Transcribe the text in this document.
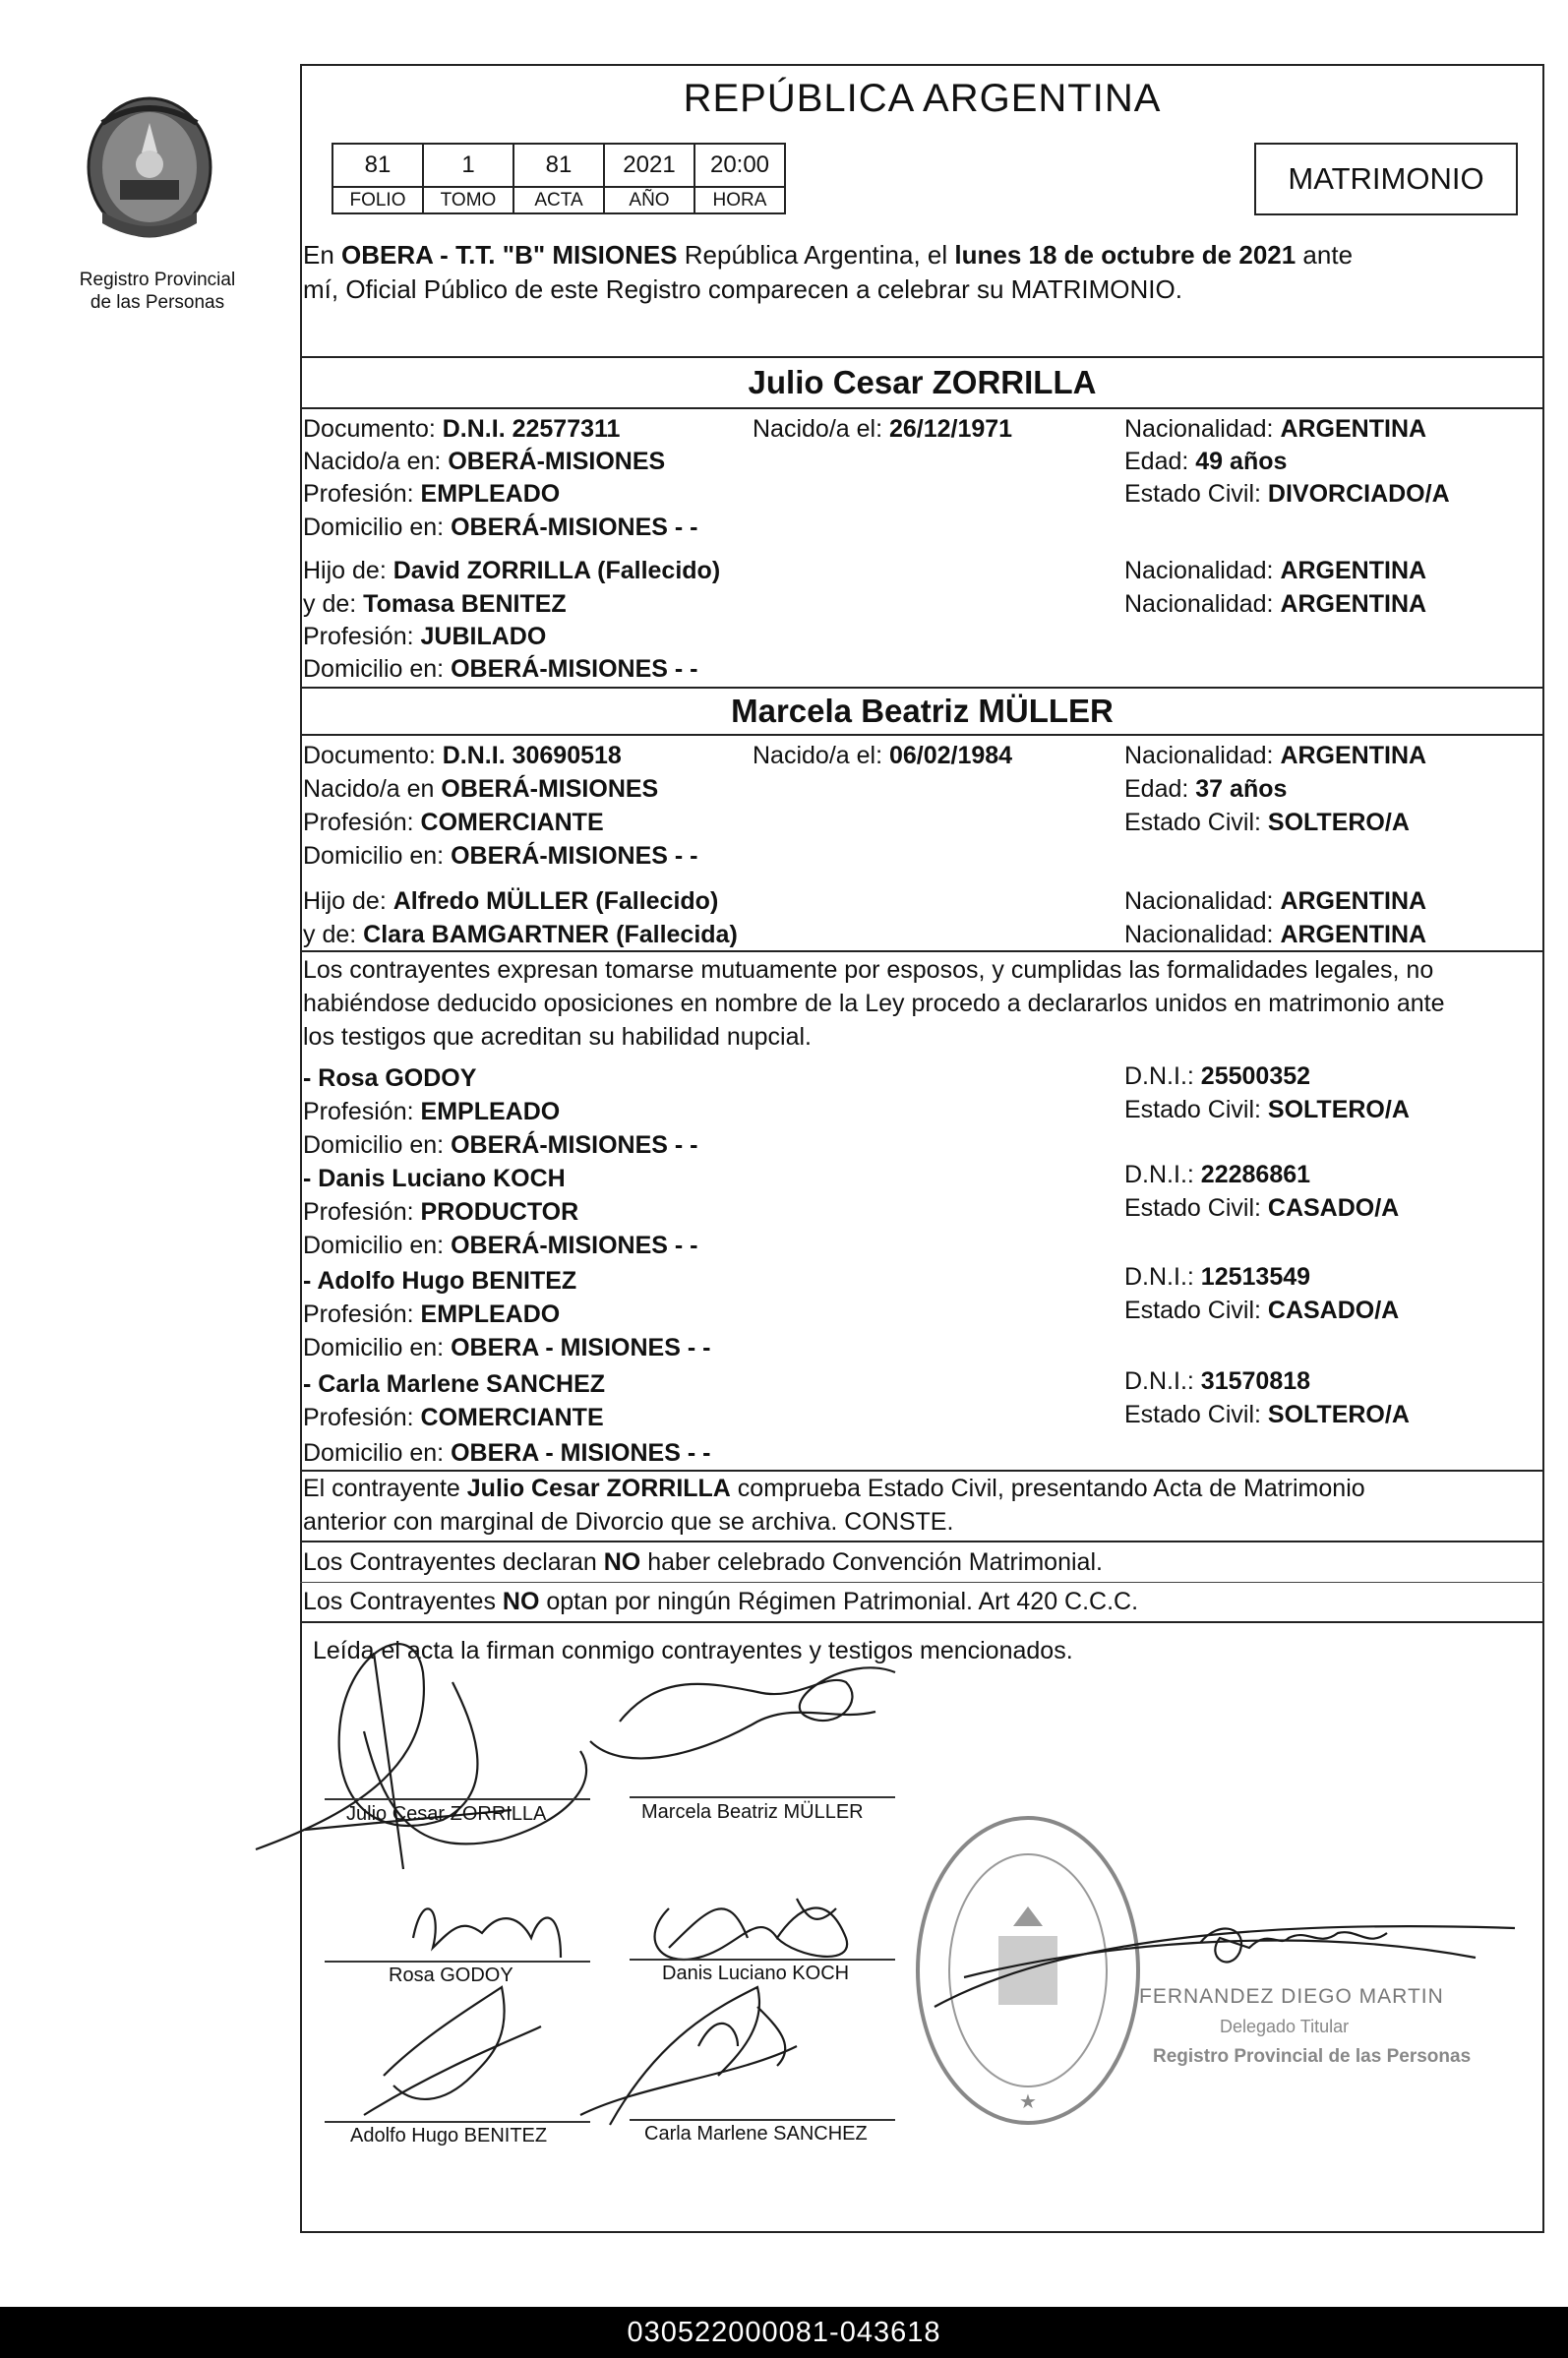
Registro Provincial
de las Personas
REPÚBLICA ARGENTINA
81	1	81	2021	20:00
FOLIO	TOMO	ACTA	AÑO	HORA
MATRIMONIO
En OBERA - T.T. "B" MISIONES República Argentina, el lunes 18 de octubre de 2021 ante
mí, Oficial Público de este Registro comparecen a celebrar su MATRIMONIO.
Julio Cesar ZORRILLA
Documento: D.N.I. 22577311	Nacido/a el: 26/12/1971	Nacionalidad: ARGENTINA
Nacido/a en: OBERÁ-MISIONES	Edad: 49 años
Profesión: EMPLEADO	Estado Civil: DIVORCIADO/A
Domicilio en: OBERÁ-MISIONES - -
Hijo de: David ZORRILLA (Fallecido)	Nacionalidad: ARGENTINA
y de: Tomasa BENITEZ	Nacionalidad: ARGENTINA
Profesión: JUBILADO
Domicilio en: OBERÁ-MISIONES - -
Marcela Beatriz MÜLLER
Documento: D.N.I. 30690518	Nacido/a el: 06/02/1984	Nacionalidad: ARGENTINA
Nacido/a en OBERÁ-MISIONES	Edad: 37 años
Profesión: COMERCIANTE	Estado Civil: SOLTERO/A
Domicilio en: OBERÁ-MISIONES - -
Hijo de: Alfredo MÜLLER (Fallecido)	Nacionalidad: ARGENTINA
y de: Clara BAMGARTNER (Fallecida)	Nacionalidad: ARGENTINA
Los contrayentes expresan tomarse mutuamente por esposos, y cumplidas las formalidades legales, no
habiéndose deducido oposiciones en nombre de la Ley procedo a declararlos unidos en matrimonio ante
los testigos que acreditan su habilidad nupcial.
- Rosa GODOY	D.N.I.: 25500352
Profesión: EMPLEADO	Estado Civil: SOLTERO/A
Domicilio en: OBERÁ-MISIONES - -
- Danis Luciano KOCH	D.N.I.: 22286861
Profesión: PRODUCTOR	Estado Civil: CASADO/A
Domicilio en: OBERÁ-MISIONES - -
- Adolfo Hugo BENITEZ	D.N.I.: 12513549
Profesión: EMPLEADO	Estado Civil: CASADO/A
Domicilio en: OBERA - MISIONES - -
- Carla Marlene SANCHEZ	D.N.I.: 31570818
Profesión: COMERCIANTE	Estado Civil: SOLTERO/A
Domicilio en: OBERA - MISIONES - -
El contrayente Julio Cesar ZORRILLA comprueba Estado Civil, presentando Acta de Matrimonio
anterior con marginal de Divorcio que se archiva. CONSTE.
Los Contrayentes declaran NO haber celebrado Convención Matrimonial.
Los Contrayentes NO optan por ningún Régimen Patrimonial. Art 420 C.C.C.
Leída el acta la firman conmigo contrayentes y testigos mencionados.
Julio Cesar ZORRILLA	Marcela Beatriz MÜLLER
Rosa GODOY	Danis Luciano KOCH
Adolfo Hugo BENITEZ	Carla Marlene SANCHEZ
★
FERNANDEZ DIEGO MARTIN
Delegado Titular
Registro Provincial de las Personas
030522000081-043618
